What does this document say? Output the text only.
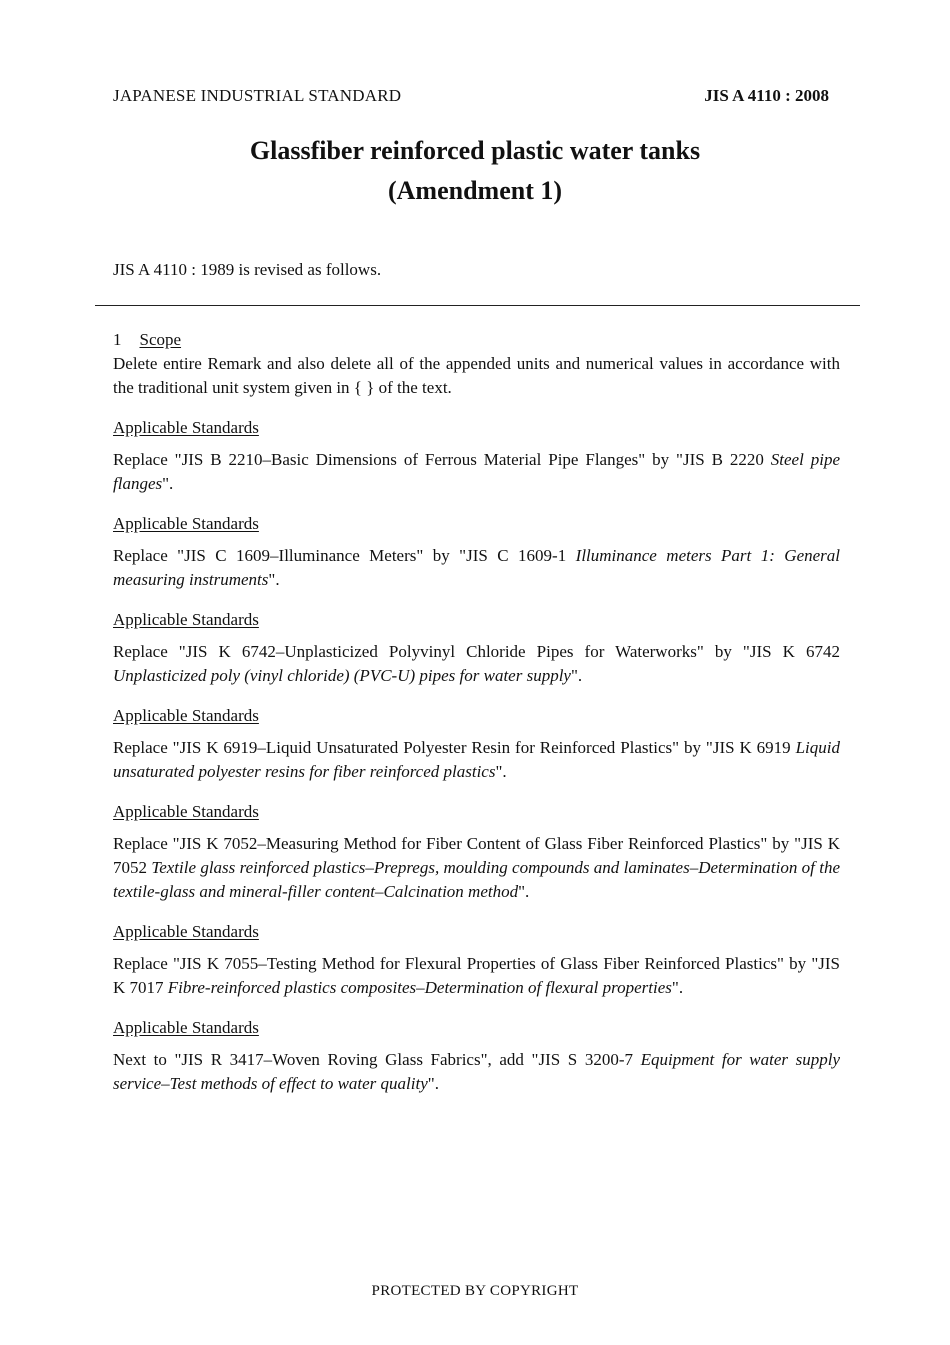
JAPANESE INDUSTRIAL STANDARD	JIS A 4110 : 2008
Glassfiber reinforced plastic water tanks
(Amendment 1)
JIS A 4110 : 1989 is revised as follows.

1 Scope

Delete entire Remark and also delete all of the appended units and numerical values in accordance with the traditional unit system given in { } of the text.

Applicable Standards

Replace "JIS B 2210–Basic Dimensions of Ferrous Material Pipe Flanges" by "JIS B 2220 Steel pipe flanges".

Applicable Standards

Replace "JIS C 1609–Illuminance Meters" by "JIS C 1609-1 Illuminance meters Part 1: General measuring instruments".

Applicable Standards

Replace "JIS K 6742–Unplasticized Polyvinyl Chloride Pipes for Waterworks" by "JIS K 6742 Unplasticized poly (vinyl chloride) (PVC-U) pipes for water supply".

Applicable Standards

Replace "JIS K 6919–Liquid Unsaturated Polyester Resin for Reinforced Plastics" by "JIS K 6919 Liquid unsaturated polyester resins for fiber reinforced plastics".

Applicable Standards

Replace "JIS K 7052–Measuring Method for Fiber Content of Glass Fiber Reinforced Plastics" by "JIS K 7052 Textile glass reinforced plastics–Prepregs, moulding compounds and laminates–Determination of the textile-glass and mineral-filler content–Calcination method".

Applicable Standards

Replace "JIS K 7055–Testing Method for Flexural Properties of Glass Fiber Reinforced Plastics" by "JIS K 7017 Fibre-reinforced plastics composites–Determination of flexural properties".

Applicable Standards

Next to "JIS R 3417–Woven Roving Glass Fabrics", add "JIS S 3200-7 Equipment for water supply service–Test methods of effect to water quality".

PROTECTED BY COPYRIGHT
